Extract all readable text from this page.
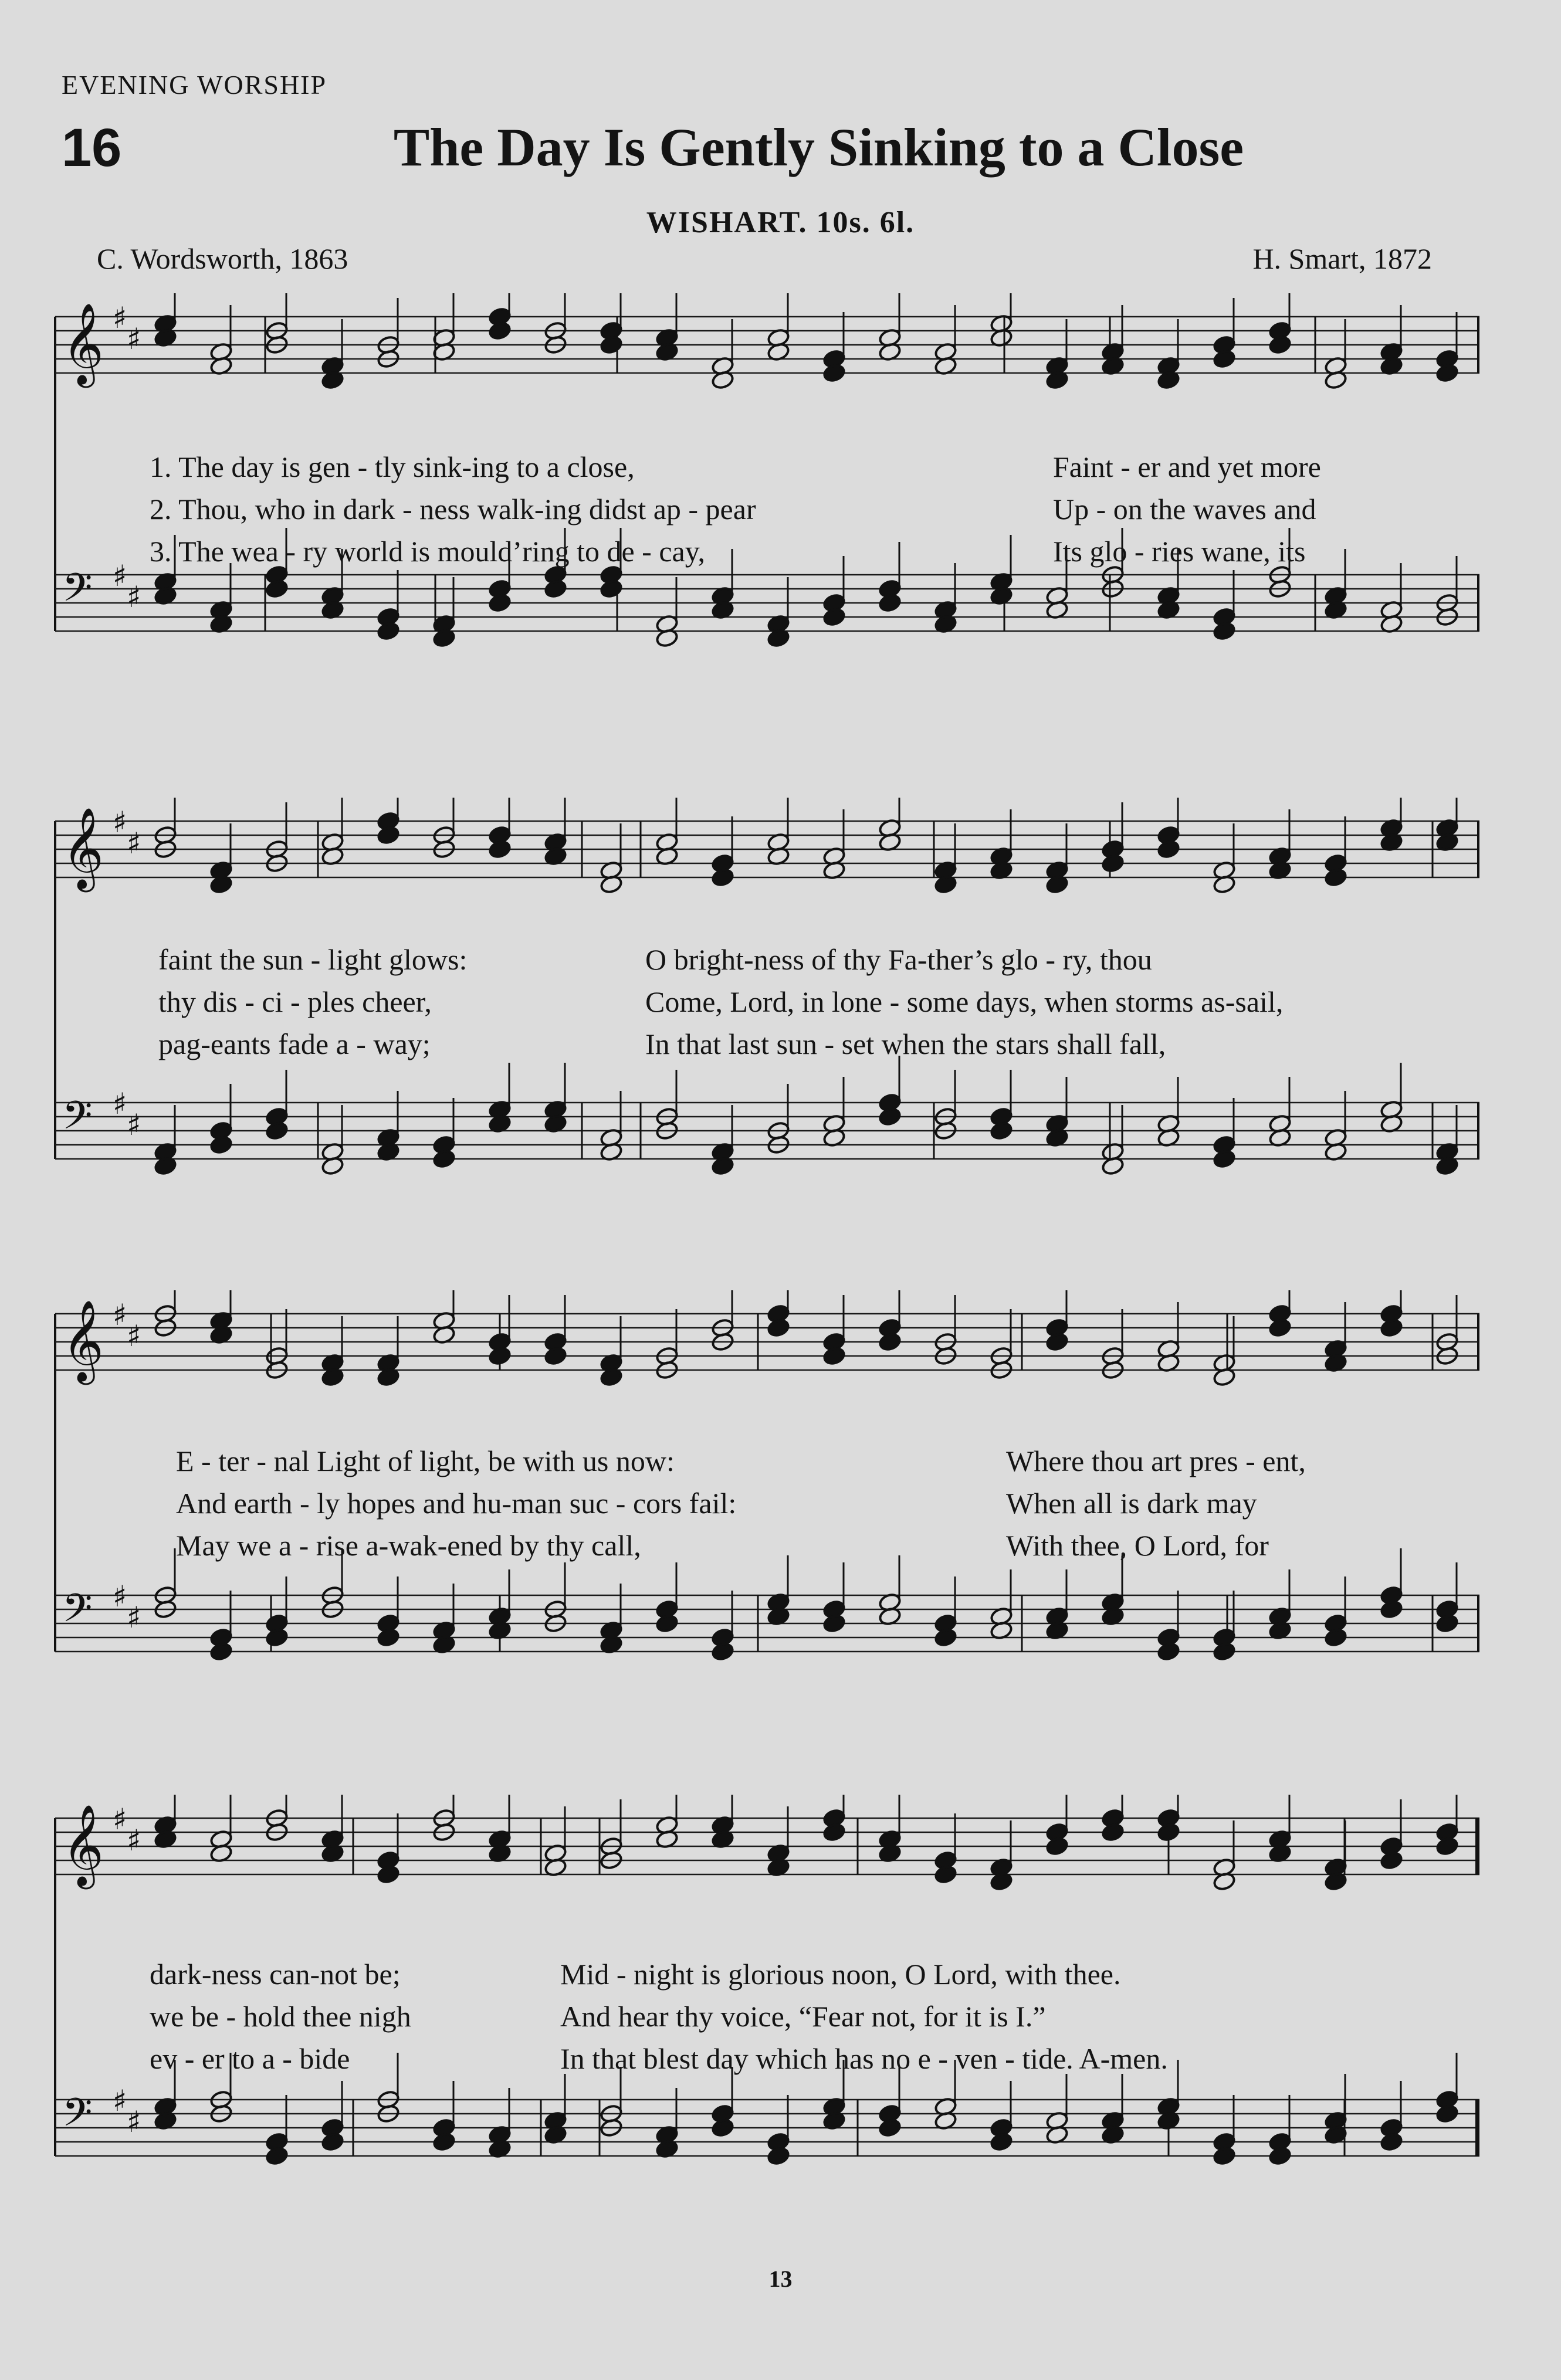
EVENING WORSHIP
16	The Day Is Gently Sinking to a Close
WISHART. 10s. 6l.
C. Wordsworth, 1863	H. Smart, 1872
𝄞 ♯
♯
𝄢 ♯
♯
1. The day is gen - tly sink-ing to a close,
2. Thou, who in dark - ness walk-ing didst ap - pear
3. The wea - ry world is mould’ring to de - cay,
Faint - er and yet more
Up - on the waves and
Its glo - ries wane, its
𝄞 ♯
♯
𝄢 ♯
♯
faint the sun - light glows:
thy dis - ci - ples cheer,
pag-eants fade a - way;
O bright-ness of thy Fa-ther’s glo - ry, thou
Come, Lord, in lone - some days, when storms as-sail,
In that last sun - set when the stars shall fall,
𝄞 ♯
♯
𝄢 ♯
♯
E - ter - nal Light of light, be with us now:
And earth - ly hopes and hu-man suc - cors fail:
May we a - rise a-wak-ened by thy call,
Where thou art pres - ent,
When all is dark may
With thee, O Lord, for
𝄞 ♯
♯
𝄢 ♯
♯
dark-ness can-not be;
we be - hold thee nigh
ev - er to a - bide
Mid - night is glorious noon, O Lord, with thee.
And hear thy voice, “Fear not, for it is I.”
In that blest day which has no e - ven - tide. A-men.
13
